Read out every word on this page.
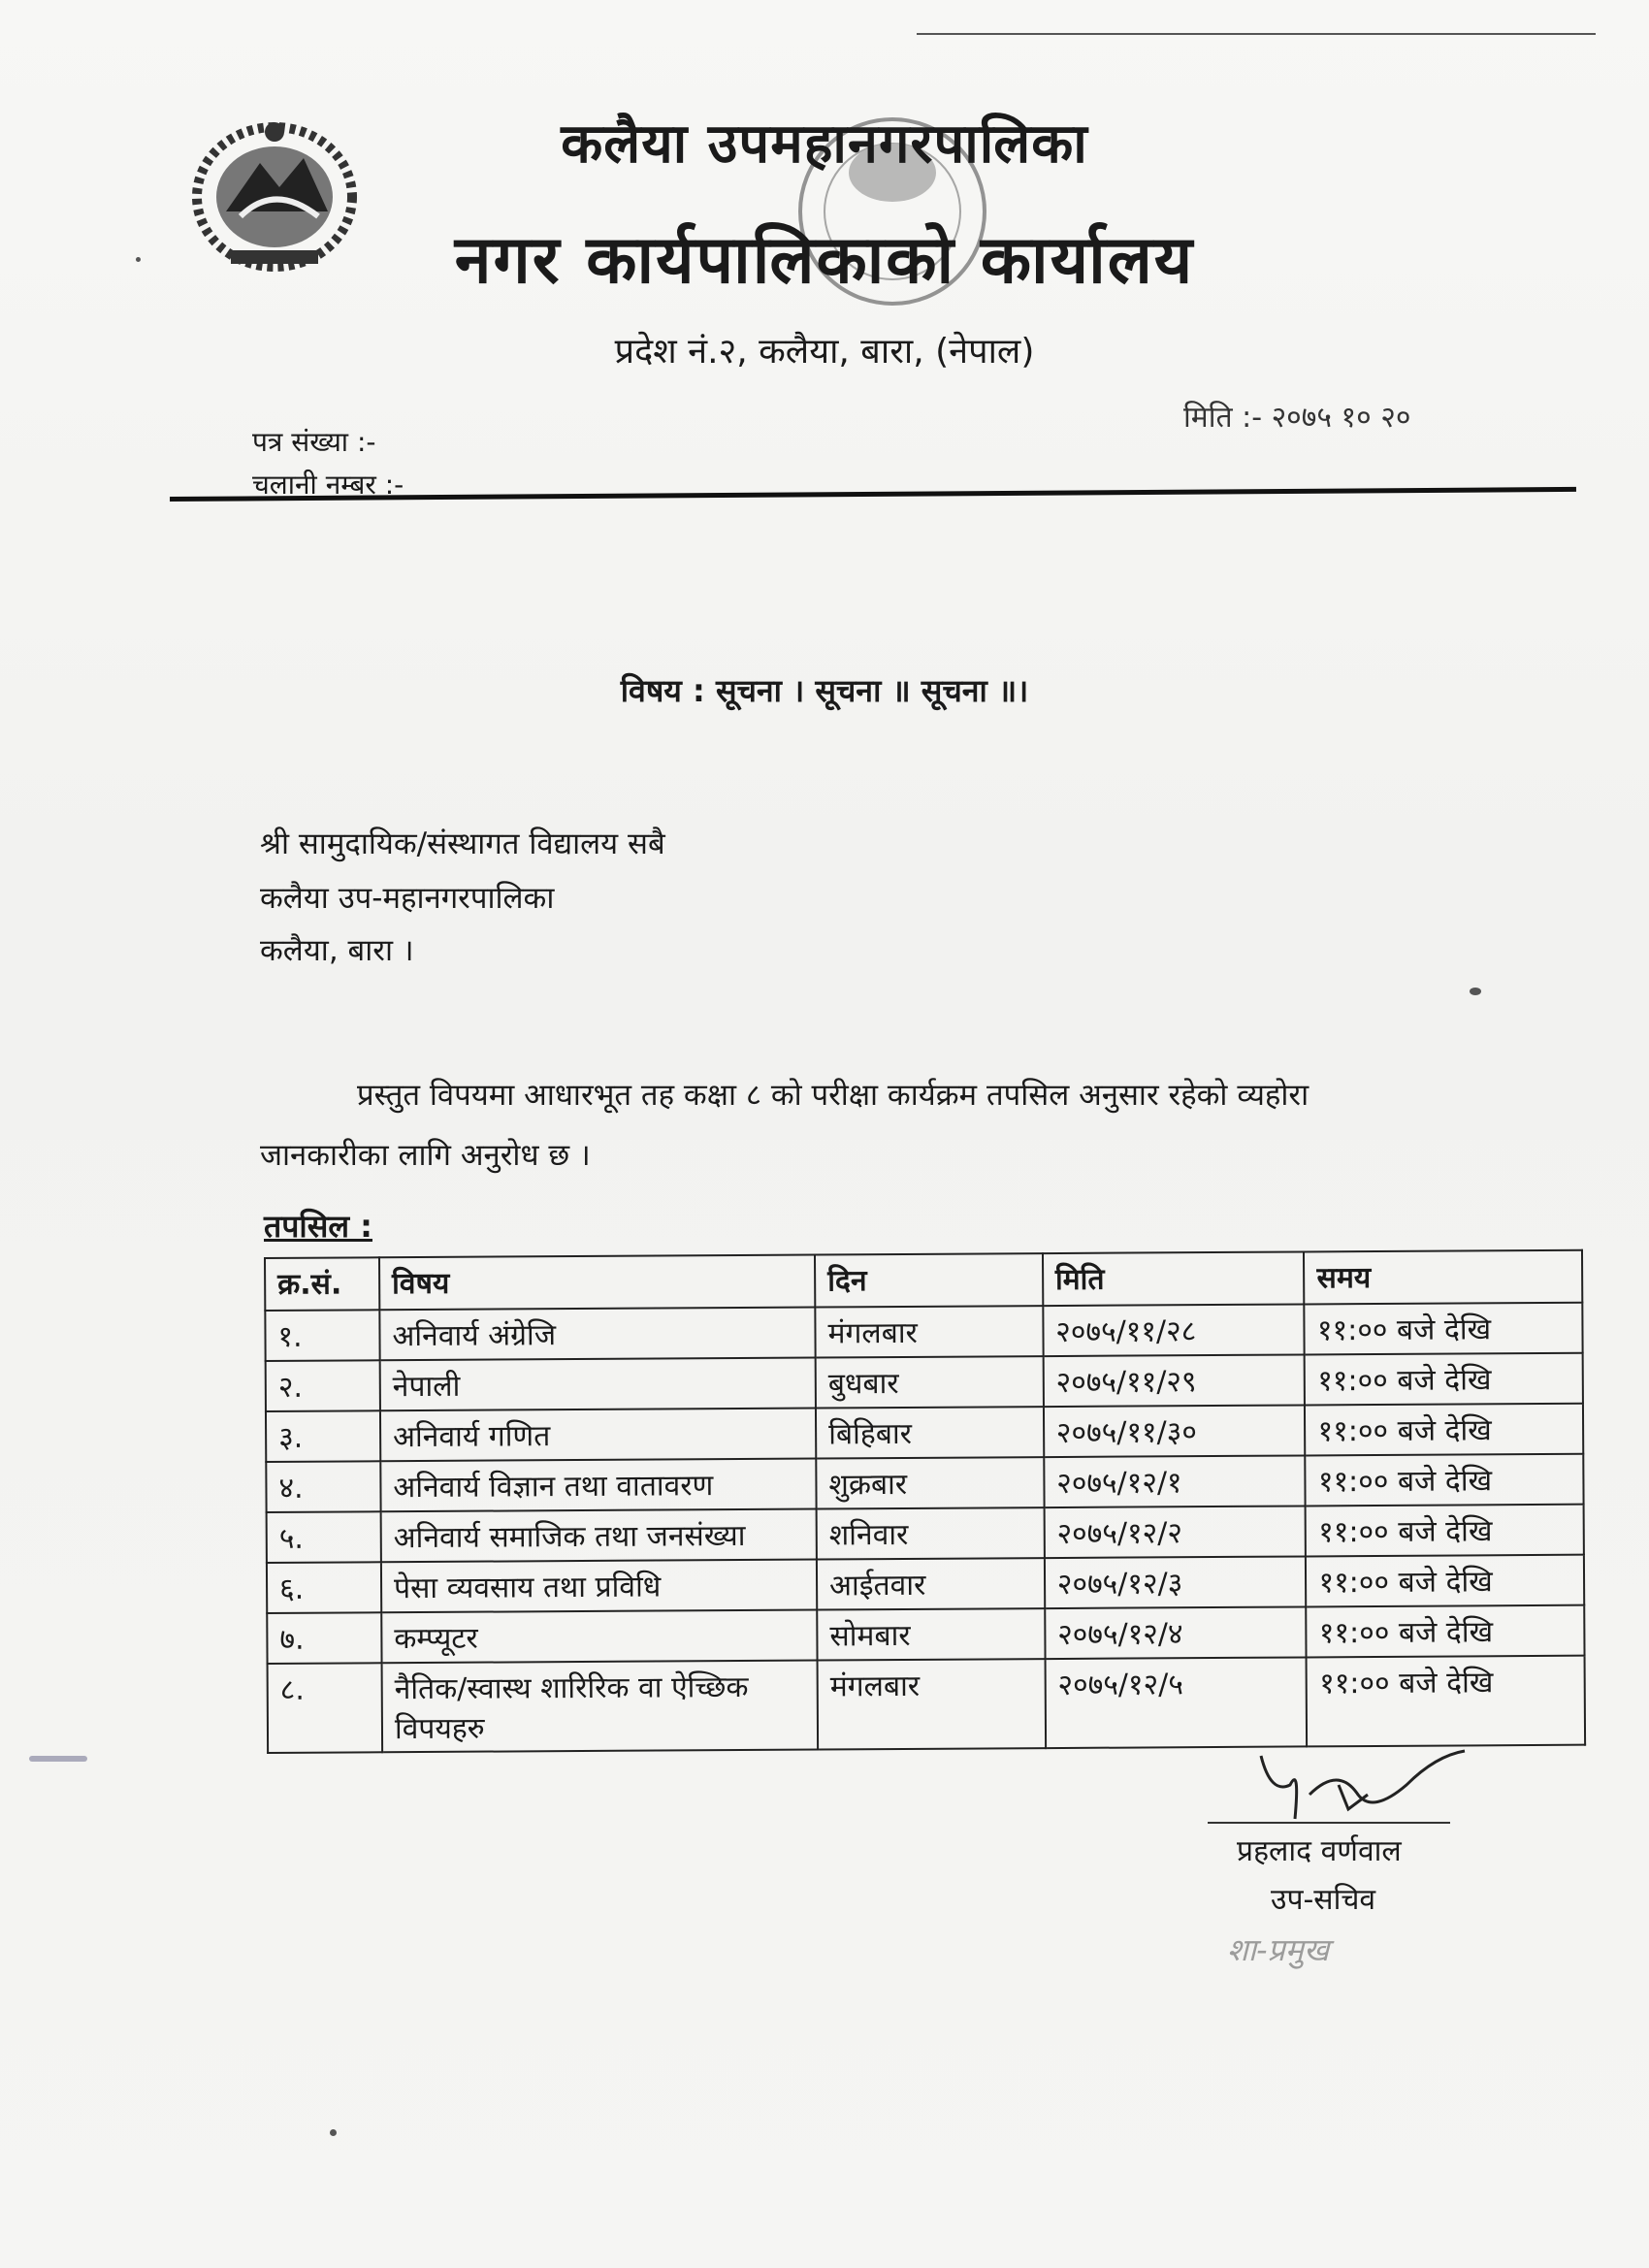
कलैया उपमहानगरपालिका
नगर कार्यपालिकाको कार्यालय
प्रदेश नं.२, कलैया, बारा, (नेपाल)
मिति :- २०७५ १० २०
पत्र संख्या :-
चलानी नम्बर :-
विषय : सूचना । सूचना ॥ सूचना ॥।
श्री सामुदायिक/संस्थागत विद्यालय सबै
कलैया उप-महानगरपालिका
कलैया, बारा ।
प्रस्तुत विपयमा आधारभूत तह कक्षा ८ को परीक्षा कार्यक्रम तपसिल अनुसार रहेको व्यहोरा
जानकारीका लागि अनुरोध छ ।
तपसिल :
क्र.सं.	विषय	दिन	मिति	समय
१.	अनिवार्य अंग्रेजि	मंगलबार	२०७५/११/२८	११:०० बजे देखि
२.	नेपाली	बुधबार	२०७५/११/२९	११:०० बजे देखि
३.	अनिवार्य गणित	बिहिबार	२०७५/११/३०	११:०० बजे देखि
४.	अनिवार्य विज्ञान तथा वातावरण	शुक्रबार	२०७५/१२/१	११:०० बजे देखि
५.	अनिवार्य समाजिक तथा जनसंख्या	शनिवार	२०७५/१२/२	११:०० बजे देखि
६.	पेसा व्यवसाय तथा प्रविधि	आईतवार	२०७५/१२/३	११:०० बजे देखि
७.	कम्प्यूटर	सोमबार	२०७५/१२/४	११:०० बजे देखि
८.	नैतिक/स्वास्थ शारिरिक वा ऐच्छिक विपयहरु	मंगलबार	२०७५/१२/५	११:०० बजे देखि
प्रहलाद वर्णवाल
उप-सचिव
शा-प्रमुख
